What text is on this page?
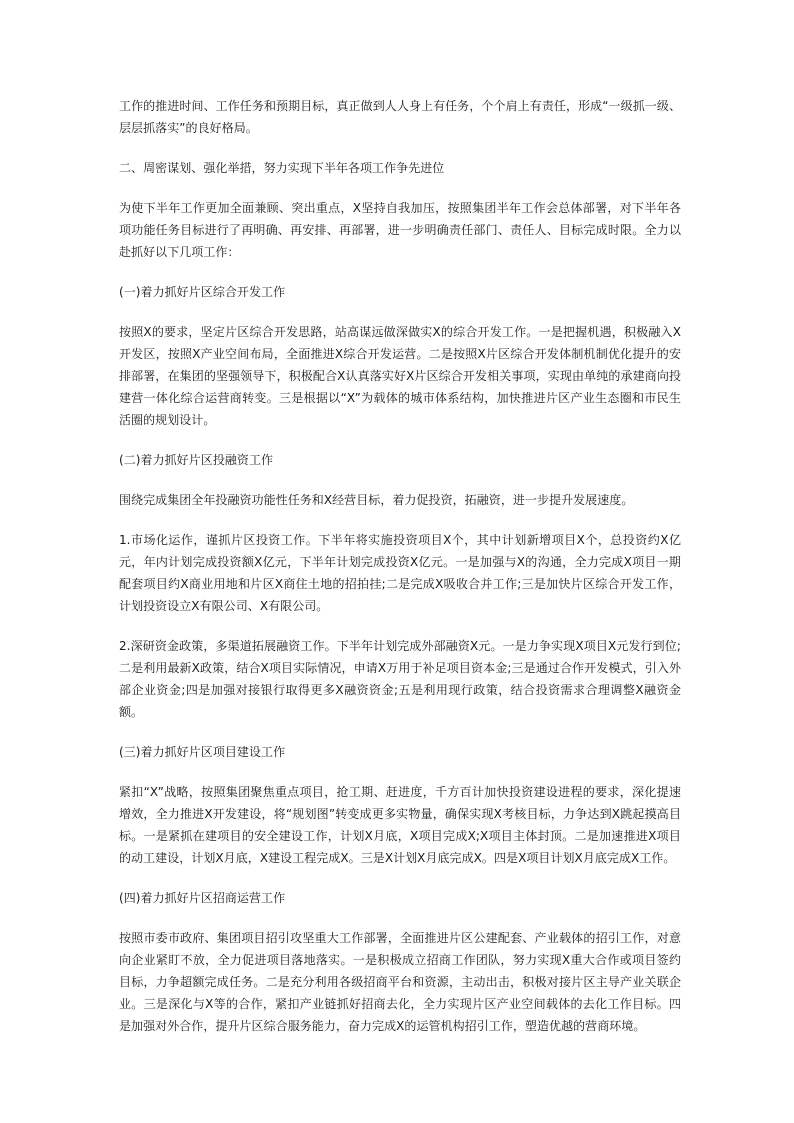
工作的推进时间、工作任务和预期目标，真正做到人人身上有任务，个个肩上有责任，形成“一级抓一级、层层抓落实”的良好格局。

二、周密谋划、强化举措，努力实现下半年各项工作争先进位

为使下半年工作更加全面兼顾、突出重点，X坚持自我加压，按照集团半年工作会总体部署，对下半年各项功能任务目标进行了再明确、再安排、再部署，进一步明确责任部门、责任人、目标完成时限。全力以赴抓好以下几项工作：

(一)着力抓好片区综合开发工作

按照X的要求，坚定片区综合开发思路，站高谋远做深做实X的综合开发工作。一是把握机遇，积极融入X开发区，按照X产业空间布局，全面推进X综合开发运营。二是按照X片区综合开发体制机制优化提升的安排部署，在集团的坚强领导下，积极配合X认真落实好X片区综合开发相关事项，实现由单纯的承建商向投建营一体化综合运营商转变。三是根据以“X”为载体的城市体系结构，加快推进片区产业生态圈和市民生活圈的规划设计。

(二)着力抓好片区投融资工作

围绕完成集团全年投融资功能性任务和X经营目标，着力促投资，拓融资，进一步提升发展速度。

1.市场化运作，谨抓片区投资工作。下半年将实施投资项目X个，其中计划新增项目X个，总投资约X亿元，年内计划完成投资额X亿元，下半年计划完成投资X亿元。一是加强与X的沟通，全力完成X项目一期配套项目约X商业用地和片区X商住土地的招拍挂;二是完成X吸收合并工作;三是加快片区综合开发工作，计划投资设立X有限公司、X有限公司。

2.深研资金政策，多渠道拓展融资工作。下半年计划完成外部融资X元。一是力争实现X项目X元发行到位;二是利用最新X政策，结合X项目实际情况，申请X万用于补足项目资本金;三是通过合作开发模式，引入外部企业资金;四是加强对接银行取得更多X融资资金;五是利用现行政策，结合投资需求合理调整X融资金额。

(三)着力抓好片区项目建设工作

紧扣“X”战略，按照集团聚焦重点项目，抢工期、赶进度，千方百计加快投资建设进程的要求，深化提速增效，全力推进X开发建设，将“规划图”转变成更多实物量，确保实现X考核目标，力争达到X跳起摸高目标。一是紧抓在建项目的安全建设工作，计划X月底，X项目完成X;X项目主体封顶。二是加速推进X项目的动工建设，计划X月底，X建设工程完成X。三是X计划X月底完成X。四是X项目计划X月底完成X工作。

(四)着力抓好片区招商运营工作

按照市委市政府、集团项目招引攻坚重大工作部署，全面推进片区公建配套、产业载体的招引工作，对意向企业紧盯不放，全力促进项目落地落实。一是积极成立招商工作团队，努力实现X重大合作或项目签约目标，力争超额完成任务。二是充分利用各级招商平台和资源，主动出击，积极对接片区主导产业关联企业。三是深化与X等的合作，紧扣产业链抓好招商去化，全力实现片区产业空间载体的去化工作目标。四是加强对外合作，提升片区综合服务能力，奋力完成X的运管机构招引工作，塑造优越的营商环境。
